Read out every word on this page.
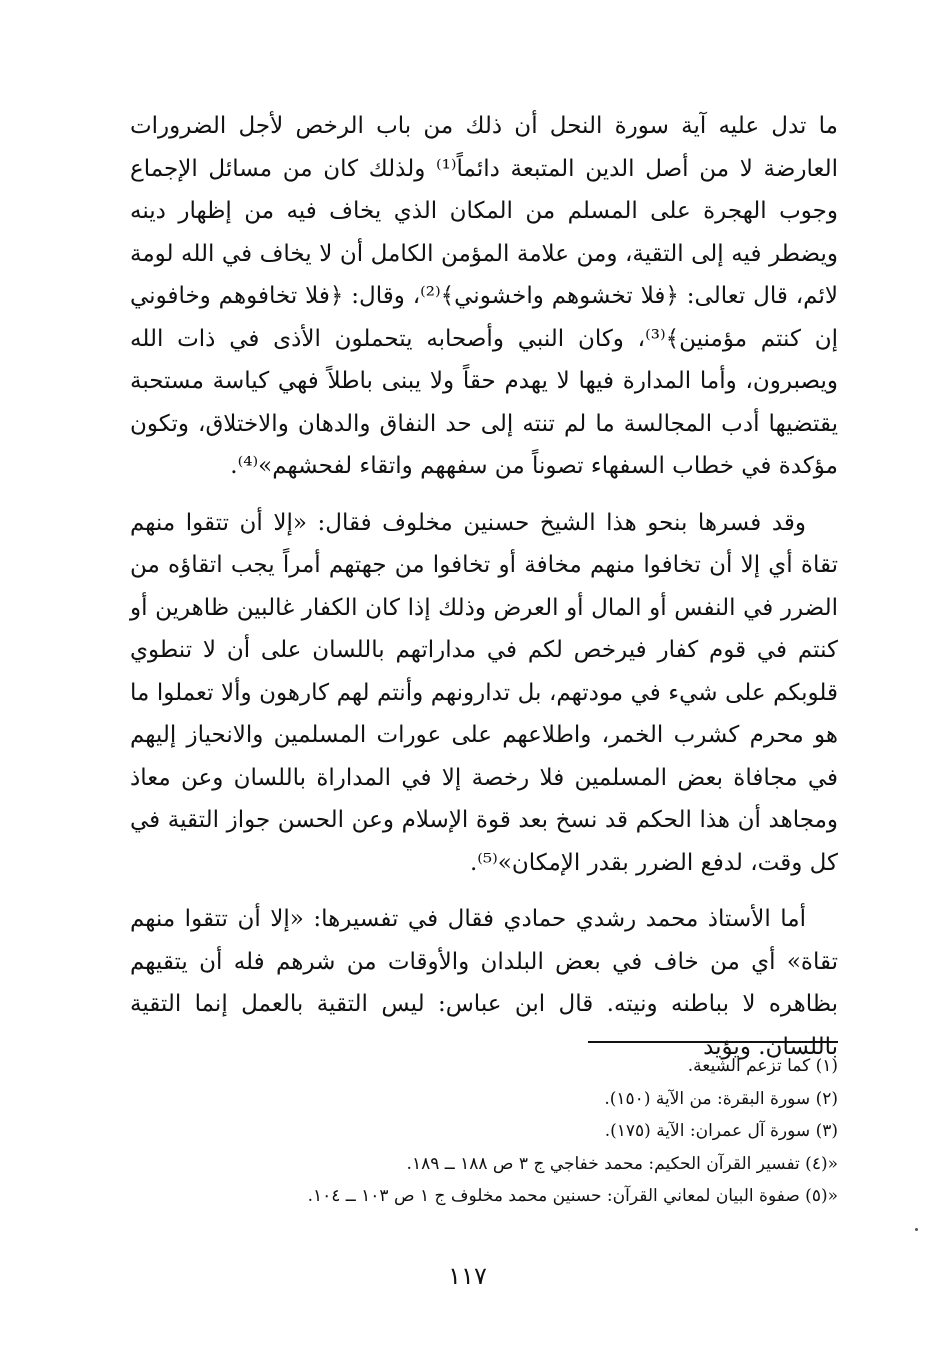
ما تدل عليه آية سورة النحل أن ذلك من باب الرخص لأجل الضرورات العارضة لا من أصل الدين المتبعة دائماً⁽¹⁾ ولذلك كان من مسائل الإجماع وجوب الهجرة على المسلم من المكان الذي يخاف فيه من إظهار دينه ويضطر فيه إلى التقية، ومن علامة المؤمن الكامل أن لا يخاف في الله لومة لائم، قال تعالى: ﴿فلا تخشوهم واخشوني﴾⁽²⁾، وقال: ﴿فلا تخافوهم وخافوني إن كنتم مؤمنين﴾⁽³⁾، وكان النبي وأصحابه يتحملون الأذى في ذات الله ويصبرون، وأما المدارة فيها لا يهدم حقاً ولا يبنى باطلاً فهي كياسة مستحبة يقتضيها أدب المجالسة ما لم تنته إلى حد النفاق والدهان والاختلاق، وتكون مؤكدة في خطاب السفهاء تصوناً من سفههم واتقاء لفحشهم»⁽⁴⁾.

وقد فسرها بنحو هذا الشيخ حسنين مخلوف فقال: «إلا أن تتقوا منهم تقاة أي إلا أن تخافوا منهم مخافة أو تخافوا من جهتهم أمراً يجب اتقاؤه من الضرر في النفس أو المال أو العرض وذلك إذا كان الكفار غالبين ظاهرين أو كنتم في قوم كفار فيرخص لكم في مداراتهم باللسان على أن لا تنطوي قلوبكم على شيء في مودتهم، بل تدارونهم وأنتم لهم كارهون وألا تعملوا ما هو محرم كشرب الخمر، واطلاعهم على عورات المسلمين والانحياز إليهم في مجافاة بعض المسلمين فلا رخصة إلا في المداراة باللسان وعن معاذ ومجاهد أن هذا الحكم قد نسخ بعد قوة الإسلام وعن الحسن جواز التقية في كل وقت، لدفع الضرر بقدر الإمكان»⁽⁵⁾.

أما الأستاذ محمد رشدي حمادي فقال في تفسيرها: «إلا أن تتقوا منهم تقاة» أي من خاف في بعض البلدان والأوقات من شرهم فله أن يتقيهم بظاهره لا بباطنه ونيته. قال ابن عباس: ليس التقية بالعمل إنما التقية باللسان. ويؤيد

(١) كما تزعم الشيعة.

(٢) سورة البقرة: من الآية (١٥٠).

(٣) سورة آل عمران: الآية (١٧٥).

«(٤) تفسير القرآن الحكيم: محمد خفاجي ج ٣ ص ١٨٨ ــ ١٨٩.

«(٥) صفوة البيان لمعاني القرآن: حسنين محمد مخلوف ج ١ ص ١٠٣ ــ ١٠٤.

١١٧
